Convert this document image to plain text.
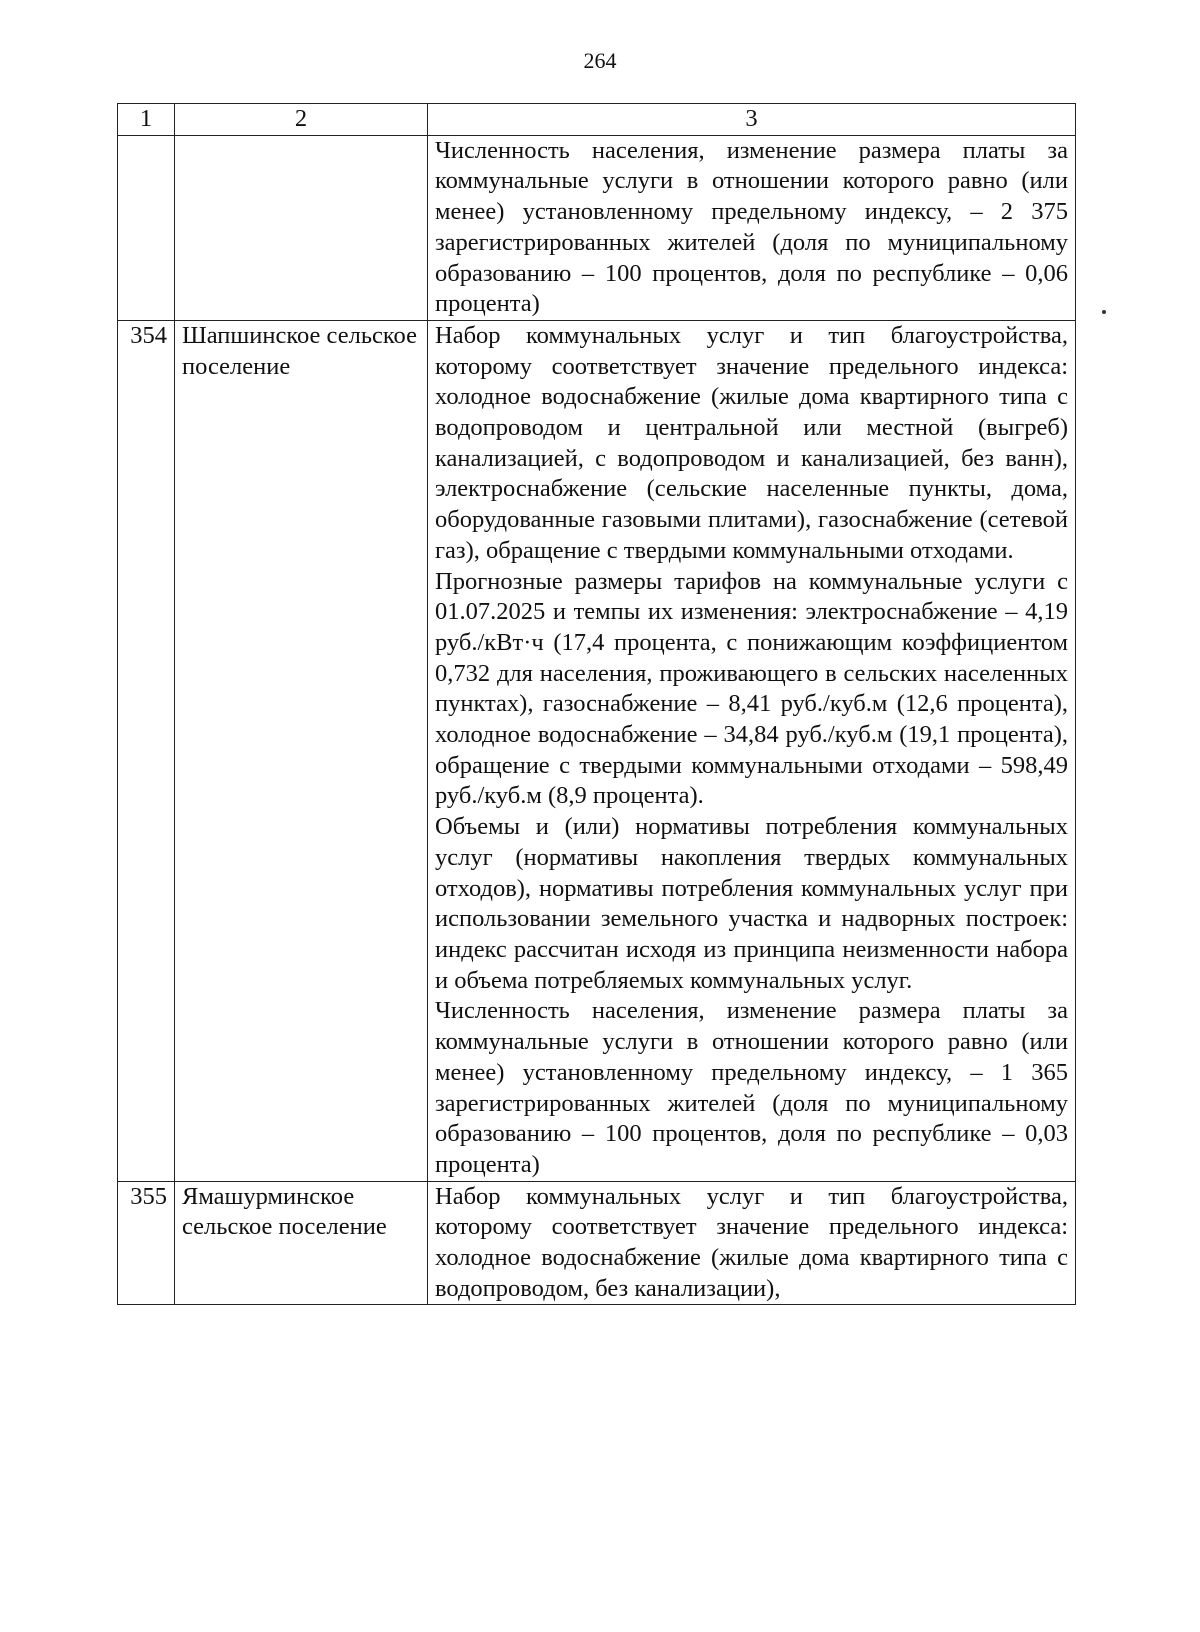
264
1	2	3

		Численность населения, изменение размера платы за коммунальные услуги в отношении которого равно (или менее) установленному предельному индексу, – 2 375 зарегистрированных жителей (доля по муниципальному образованию – 100 процентов, доля по республике – 0,06 процента)

354	Шапшинское сельское поселение	Набор коммунальных услуг и тип благоустройства, которому соответствует значение предельного индекса: холодное водоснабжение (жилые дома квартирного типа с водопроводом и центральной или местной (выгреб) канализацией, с водопроводом и канализацией, без ванн), электроснабжение (сельские населенные пункты, дома, оборудованные газовыми плитами), газоснабжение (сетевой газ), обращение с твердыми коммунальными отходами.

Прогнозные размеры тарифов на коммунальные услуги с 01.07.2025 и темпы их изменения: электроснабжение – 4,19 руб./кВт·ч (17,4 процента, с понижающим коэффициентом 0,732 для населения, проживающего в сельских населенных пунктах), газоснабжение – 8,41 руб./куб.м (12,6 процента), холодное водоснабжение – 34,84 руб./куб.м (19,1 процента), обращение с твердыми коммунальными отходами – 598,49 руб./куб.м (8,9 процента).

Объемы и (или) нормативы потребления коммунальных услуг (нормативы накопления твердых коммунальных отходов), нормативы потребления коммунальных услуг при использовании земельного участка и надворных построек: индекс рассчитан исходя из принципа неизменности набора и объема потребляемых коммунальных услуг.

Численность населения, изменение размера платы за коммунальные услуги в отношении которого равно (или менее) установленному предельному индексу, – 1 365 зарегистрированных жителей (доля по муниципальному образованию – 100 процентов, доля по республике – 0,03 процента)

355	Ямашурминское сельское поселение	Набор коммунальных услуг и тип благоустройства, которому соответствует значение предельного индекса: холодное водоснабжение (жилые дома квартирного типа с водопроводом, без канализации),
